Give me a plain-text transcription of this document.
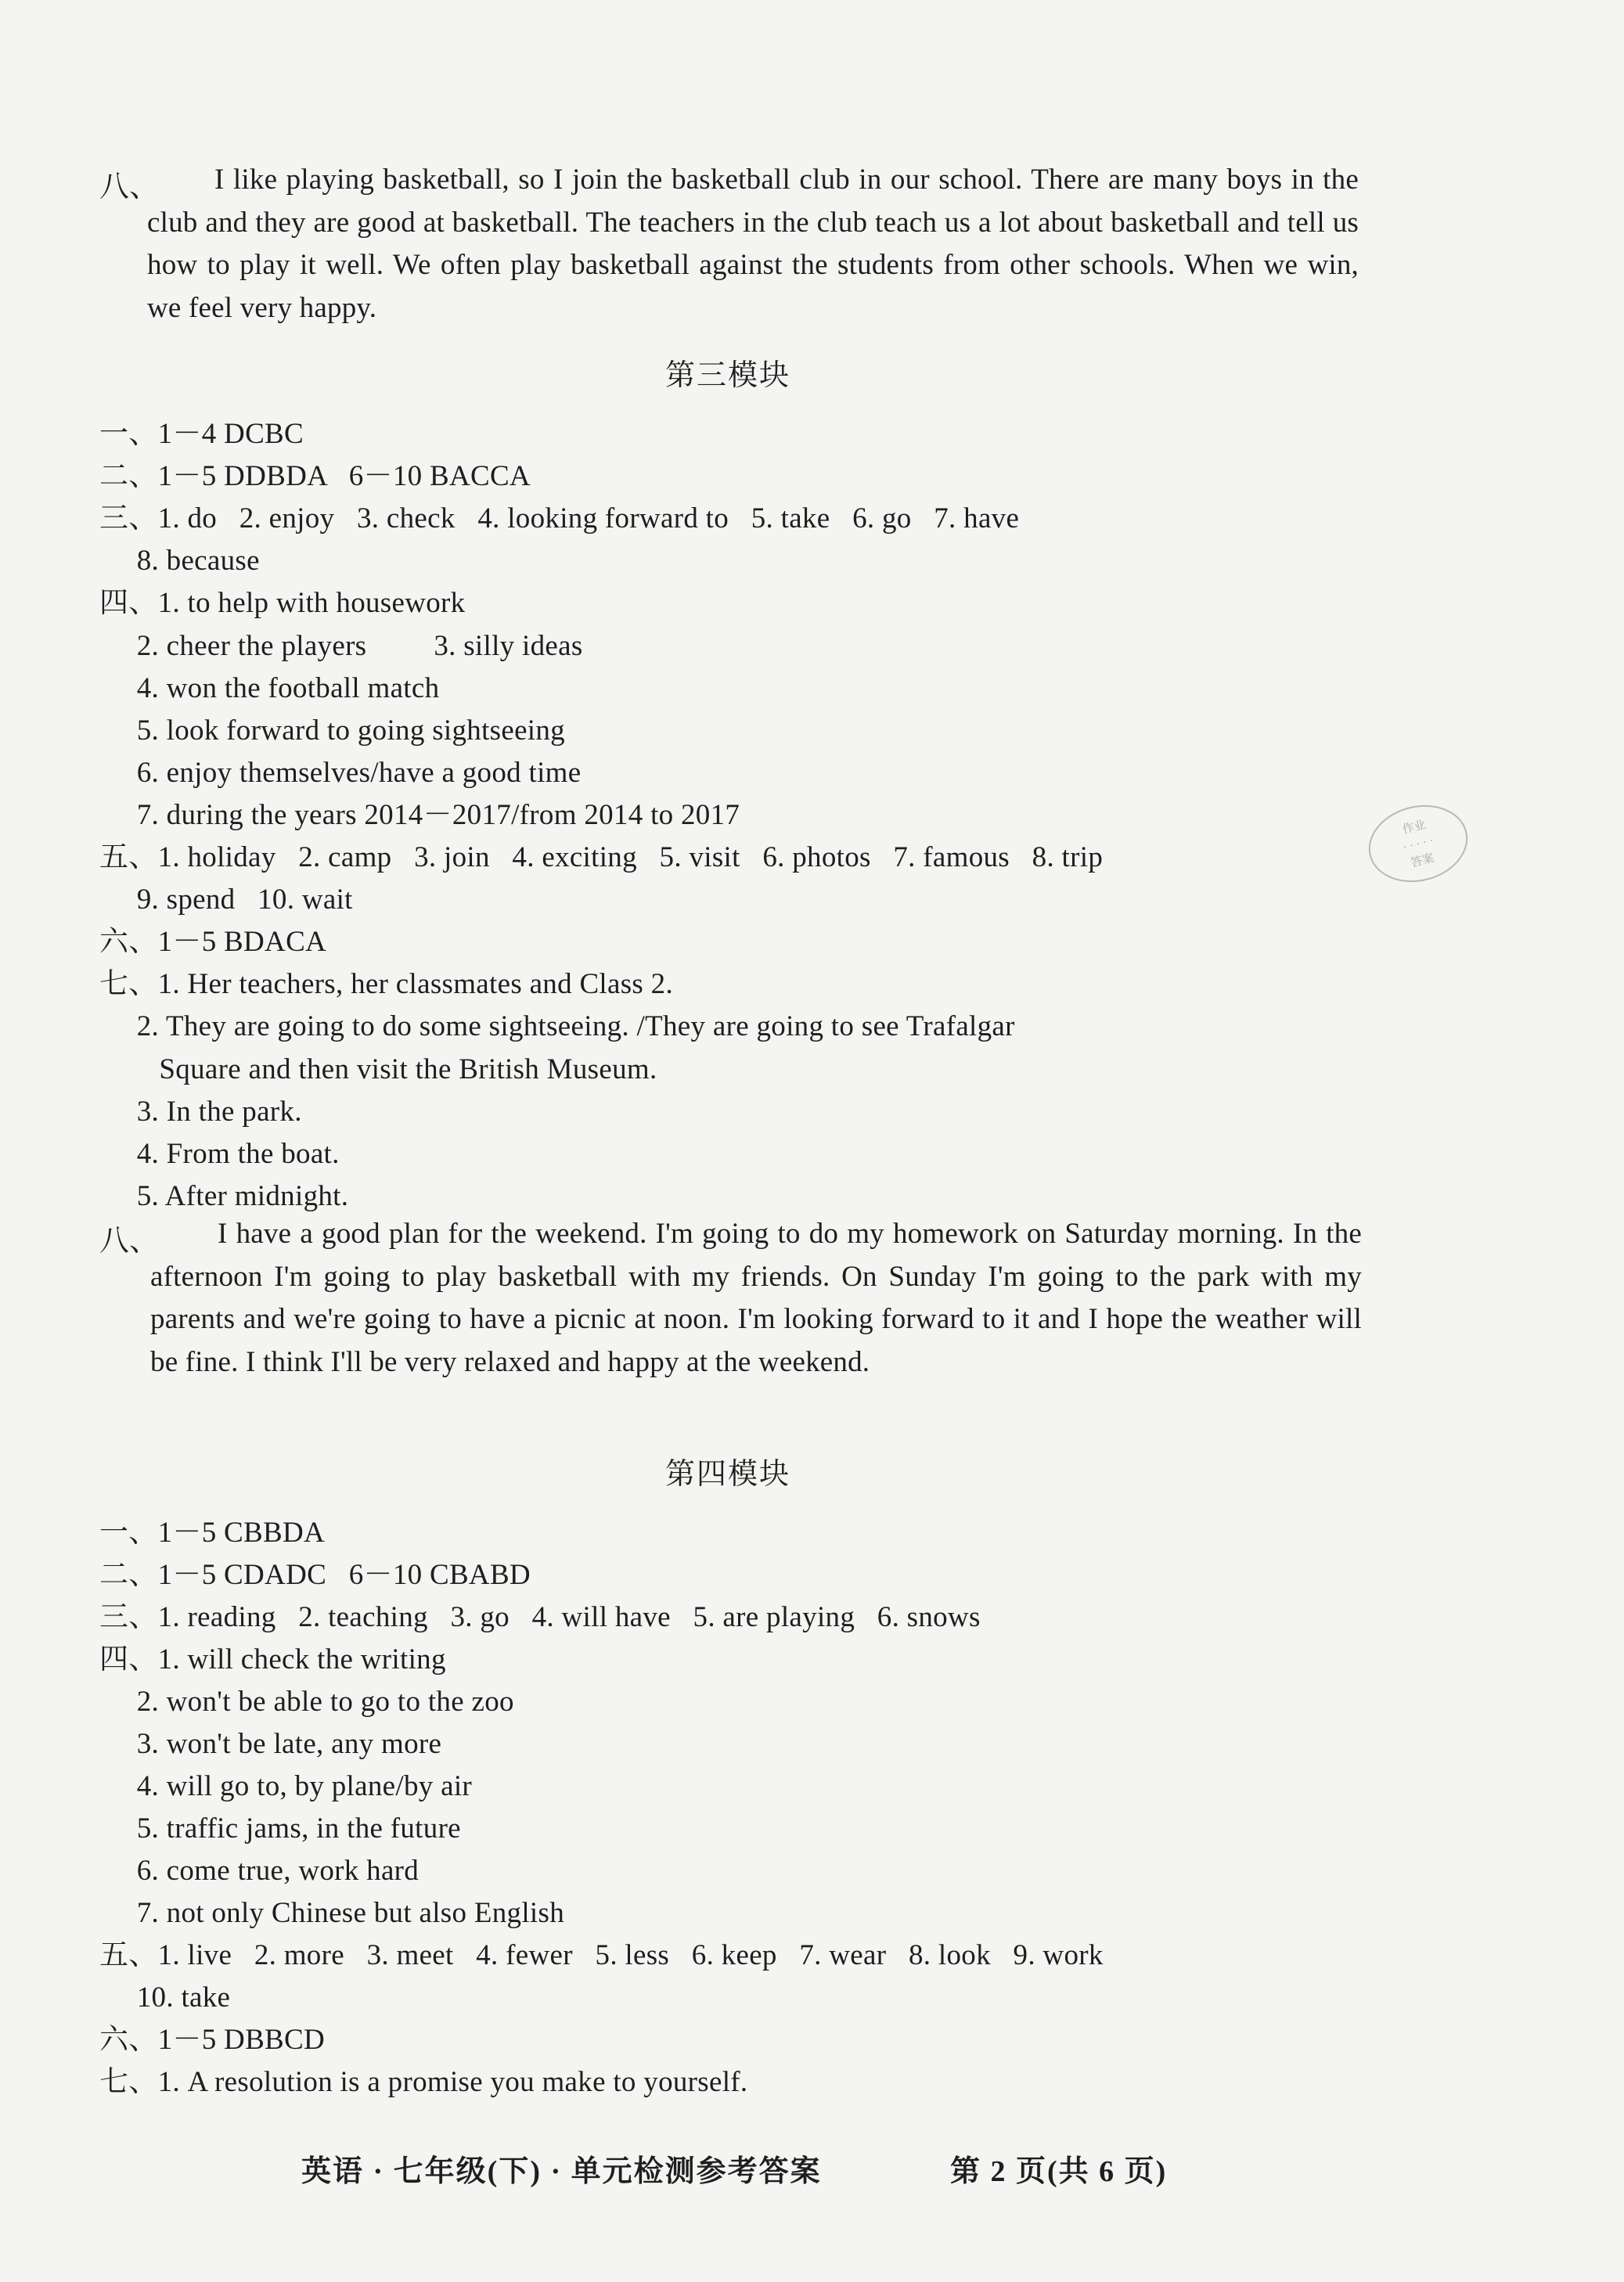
八、	I like playing basketball, so I join the basketball club in our school. There are many boys in the club and they are good at basketball. The teachers in the club teach us a lot about basketball and tell us how to play it well. We often play basketball against the students from other schools. When we win, we feel very happy.
第三模块
一、1－4 DCBC
二、1－5 DDBDA   6－10 BACCA
三、1. do   2. enjoy   3. check   4. looking forward to   5. take   6. go   7. have
8. because
四、1. to help with housework
2. cheer the players         3. silly ideas
4. won the football match
5. look forward to going sightseeing
6. enjoy themselves/have a good time
7. during the years 2014－2017/from 2014 to 2017
五、1. holiday   2. camp   3. join   4. exciting   5. visit   6. photos   7. famous   8. trip
9. spend   10. wait
六、1－5 BDACA
七、1. Her teachers, her classmates and Class 2.
2. They are going to do some sightseeing. /They are going to see Trafalgar
Square and then visit the British Museum.
3. In the park.
4. From the boat.
5. After midnight.
八、	I have a good plan for the weekend. I'm going to do my homework on Saturday morning. In the afternoon I'm going to play basketball with my friends. On Sunday I'm going to the park with my parents and we're going to have a picnic at noon. I'm looking forward to it and I hope the weather will be fine. I think I'll be very relaxed and happy at the weekend.
第四模块
一、1－5 CBBDA
二、1－5 CDADC   6－10 CBABD
三、1. reading   2. teaching   3. go   4. will have   5. are playing   6. snows
四、1. will check the writing
2. won't be able to go to the zoo
3. won't be late, any more
4. will go to, by plane/by air
5. traffic jams, in the future
6. come true, work hard
7. not only Chinese but also English
五、1. live   2. more   3. meet   4. fewer   5. less   6. keep   7. wear   8. look   9. work
10. take
六、1－5 DBBCD
七、1. A resolution is a promise you make to yourself.
作业
· · · · ·
答案
英语 · 七年级(下) · 单元检测参考答案	第 2 页(共 6 页)
